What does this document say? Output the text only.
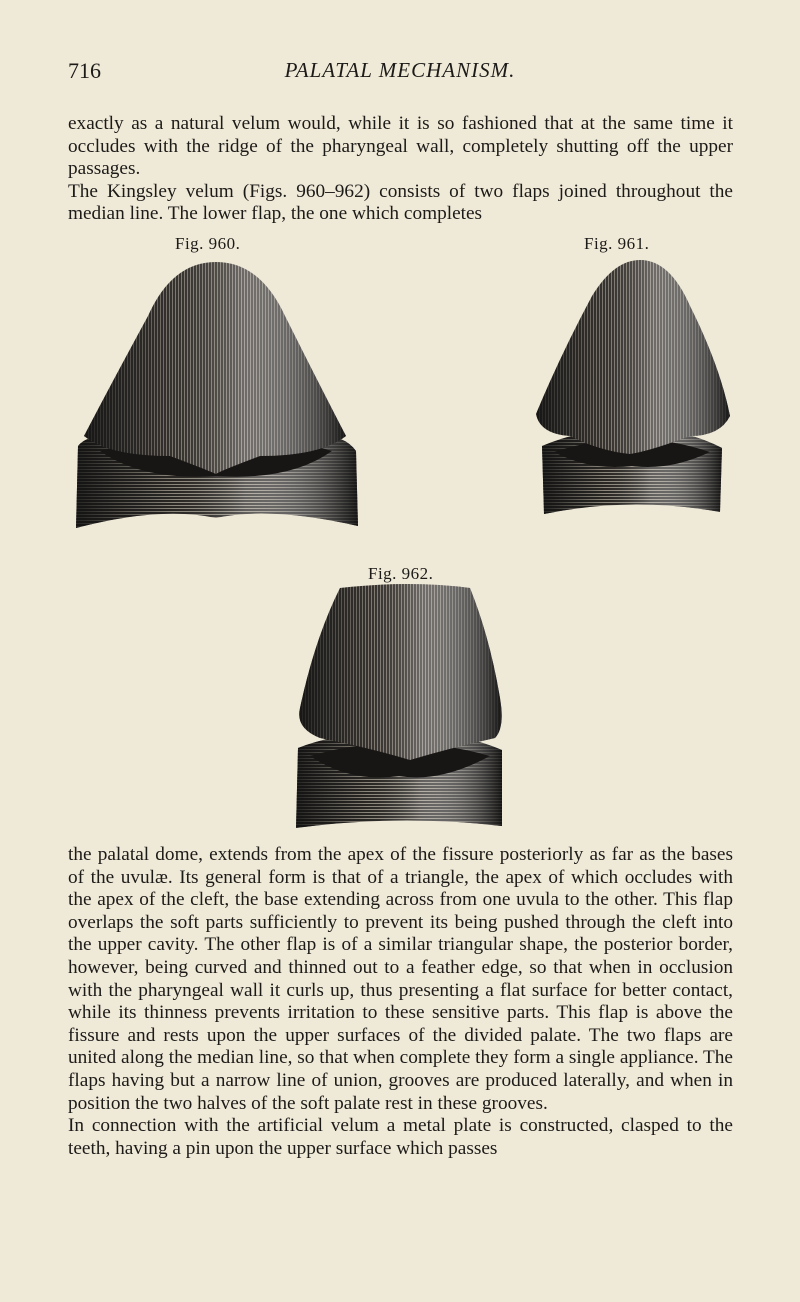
716	PALATAL MECHANISM.
exactly as a natural velum would, while it is so fashioned that at the same time it occludes with the ridge of the pharyngeal wall, completely shutting off the upper passages.
The Kingsley velum (Figs. 960–962) consists of two flaps joined throughout the median line. The lower flap, the one which completes
Fig. 960.	Fig. 961.
Fig. 962.
the palatal dome, extends from the apex of the fissure posteriorly as far as the bases of the uvulæ. Its general form is that of a triangle, the apex of which occludes with the apex of the cleft, the base extending across from one uvula to the other. This flap overlaps the soft parts sufficiently to prevent its being pushed through the cleft into the upper cavity. The other flap is of a similar triangular shape, the posterior border, however, being curved and thinned out to a feather edge, so that when in occlusion with the pharyngeal wall it curls up, thus presenting a flat surface for better contact, while its thinness prevents irritation to these sensitive parts. This flap is above the fissure and rests upon the upper surfaces of the divided palate. The two flaps are united along the median line, so that when complete they form a single appliance. The flaps having but a narrow line of union, grooves are produced laterally, and when in position the two halves of the soft palate rest in these grooves.
In connection with the artificial velum a metal plate is constructed, clasped to the teeth, having a pin upon the upper surface which passes
